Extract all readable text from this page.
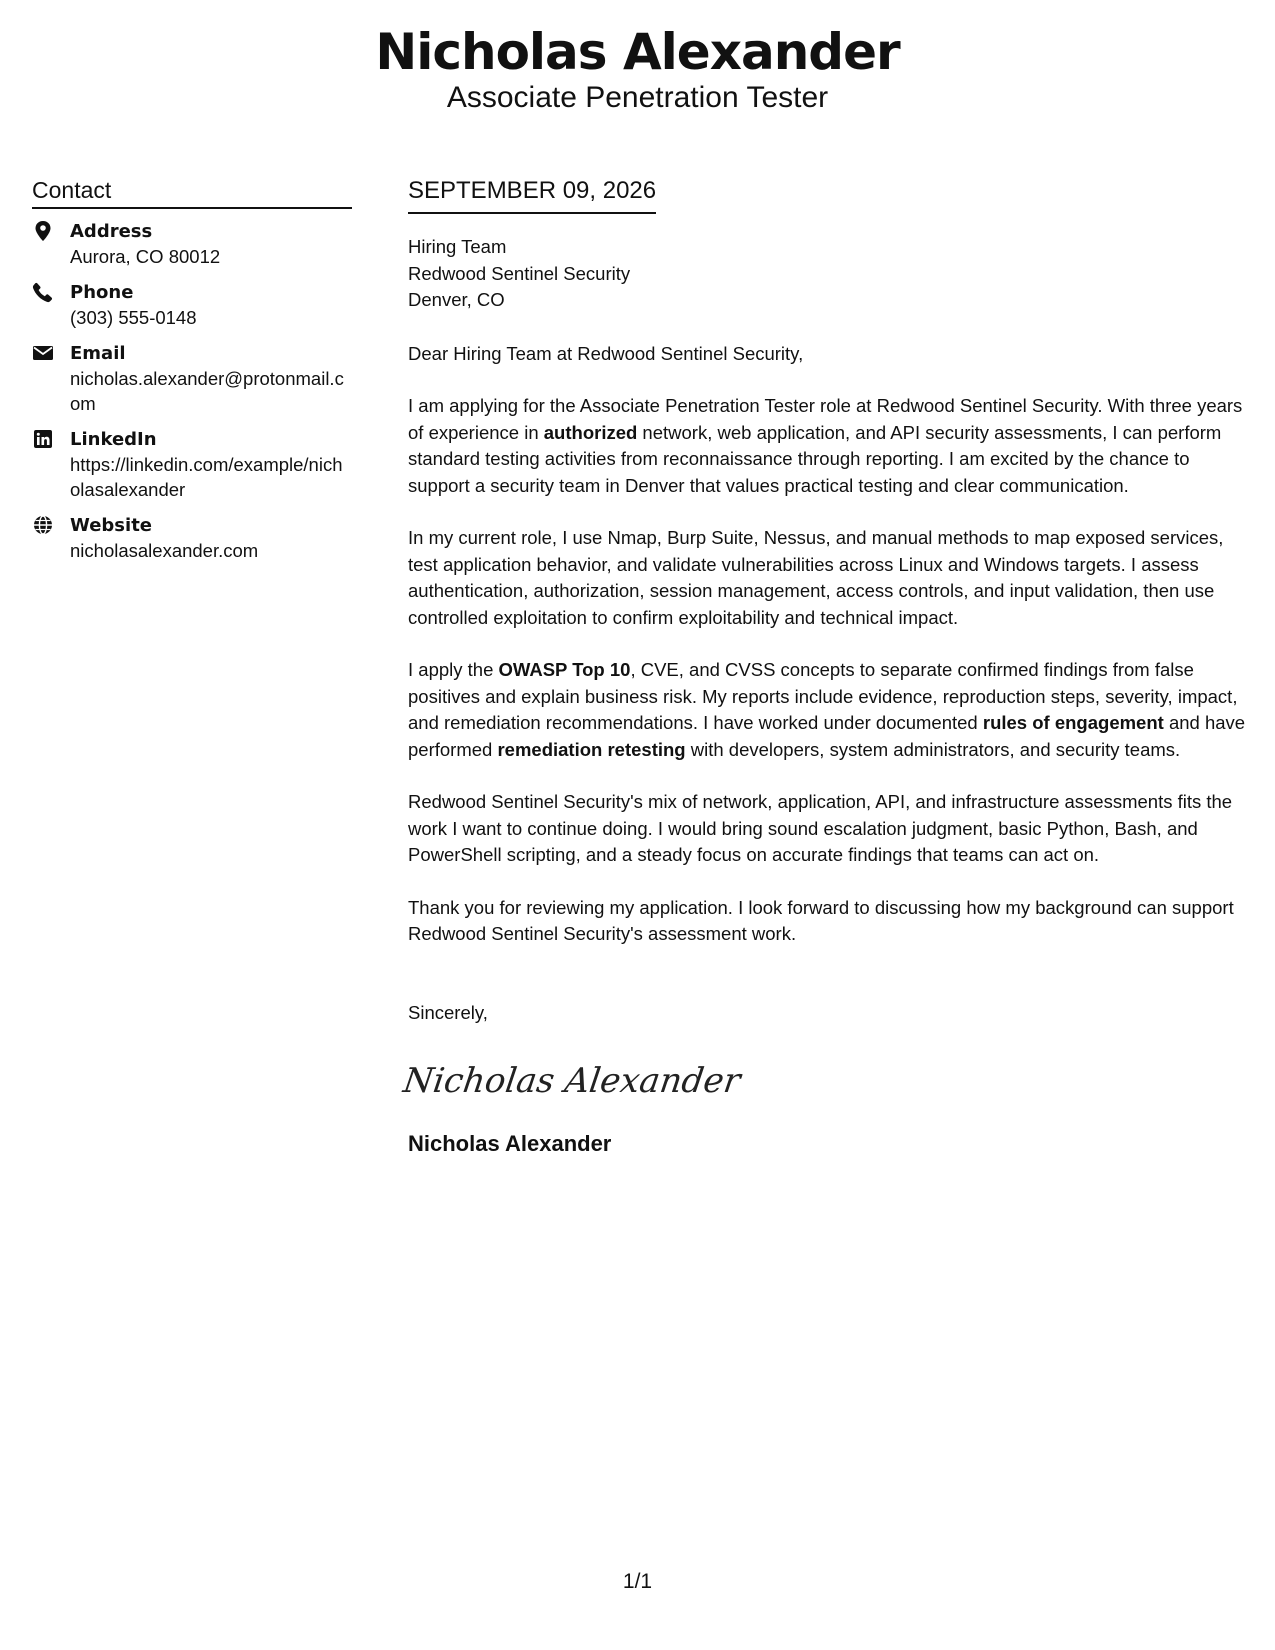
Nicholas Alexander
Associate Penetration Tester
Contact
Address
Aurora, CO 80012
Phone
(303) 555-0148
Email
nicholas.alexander@protonmail.com
LinkedIn
https://linkedin.com/example/nicholasalexander
Website
nicholasalexander.com
SEPTEMBER 09, 2026
Hiring Team
Redwood Sentinel Security
Denver, CO
Dear Hiring Team at Redwood Sentinel Security,
I am applying for the Associate Penetration Tester role at Redwood Sentinel Security. With three years of experience in authorized network, web application, and API security assessments, I can perform standard testing activities from reconnaissance through reporting. I am excited by the chance to support a security team in Denver that values practical testing and clear communication.
In my current role, I use Nmap, Burp Suite, Nessus, and manual methods to map exposed services, test application behavior, and validate vulnerabilities across Linux and Windows targets. I assess authentication, authorization, session management, access controls, and input validation, then use controlled exploitation to confirm exploitability and technical impact.
I apply the OWASP Top 10, CVE, and CVSS concepts to separate confirmed findings from false positives and explain business risk. My reports include evidence, reproduction steps, severity, impact, and remediation recommendations. I have worked under documented rules of engagement and have performed remediation retesting with developers, system administrators, and security teams.
Redwood Sentinel Security's mix of network, application, API, and infrastructure assessments fits the work I want to continue doing. I would bring sound escalation judgment, basic Python, Bash, and PowerShell scripting, and a steady focus on accurate findings that teams can act on.
Thank you for reviewing my application. I look forward to discussing how my background can support Redwood Sentinel Security's assessment work.
Sincerely,
Nicholas Alexander
Nicholas Alexander
1/1
